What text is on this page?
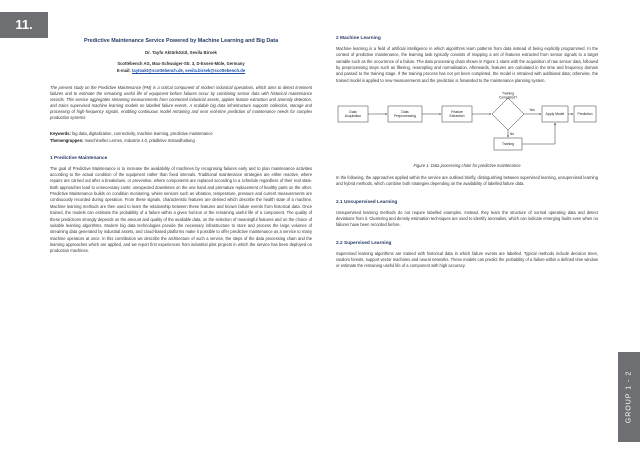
11.
Predictive Maintenance Service Powered by Machine Learning and Big Data
Dr. Tayfo Aktürközül, Sevila Birsek
Scottébench AG, Max-Schwaiger-Str. 3, D-Essen-Müle, Germany
E-mail: taytoakt@scottebench.de, sevila.birsek@scottebench.de

The present study on the Predictive Maintenance (PM) is a critical component of modern industrial operations, which aims to detect imminent failures and to estimate the remaining useful life of equipment before failures occur by combining sensor data with historical maintenance records. This service aggregates streaming measurements from connected industrial assets, applies feature extraction and anomaly detection, and trains supervised machine learning models on labelled failure events. A scalable big data infrastructure supports collection, storage and processing of high-frequency signals, enabling continuous model retraining and near real-time prediction of maintenance needs for complex production systems.

Keywords: big data, digitalization, connectivity, machine learning, predictive maintenance

Themengruppen: maschinelles Lernen, Industrie 4.0, prädiktive Instandhaltung

1 Predictive Maintenance

The goal of Predictive Maintenance is to increase the availability of machines by recognising failures early and to plan maintenance activities according to the actual condition of the equipment rather than fixed intervals. Traditional maintenance strategies are either reactive, where repairs are carried out after a breakdown, or preventive, where components are replaced according to a schedule regardless of their real state. Both approaches lead to unnecessary costs: unexpected downtimes on the one hand and premature replacement of healthy parts on the other. Predictive Maintenance builds on condition monitoring, where sensors such as vibration, temperature, pressure and current measurements are continuously recorded during operation. From these signals, characteristic features are derived which describe the health state of a machine. Machine learning methods are then used to learn the relationship between these features and known failure events from historical data. Once trained, the models can estimate the probability of a failure within a given horizon or the remaining useful life of a component. The quality of these predictions strongly depends on the amount and quality of the available data, on the selection of meaningful features and on the choice of suitable learning algorithms. Modern big data technologies provide the necessary infrastructure to store and process the large volumes of streaming data generated by industrial assets, and cloud-based platforms make it possible to offer predictive maintenance as a service to many machine operators at once. In this contribution we describe the architecture of such a service, the steps of the data processing chain and the learning approaches which are applied, and we report first experiences from industrial pilot projects in which the service has been deployed on production machines.

2 Machine Learning

Machine learning is a field of artificial intelligence in which algorithms learn patterns from data instead of being explicitly programmed. In the context of predictive maintenance, the learning task typically consists of mapping a set of features extracted from sensor signals to a target variable such as the occurrence of a failure. The data processing chain shown in Figure 1 starts with the acquisition of raw sensor data, followed by preprocessing steps such as filtering, resampling and normalisation. Afterwards, features are calculated in the time and frequency domain and passed to the training stage. If the training process has not yet been completed, the model is retrained with additional data; otherwise, the trained model is applied to new measurements and the prediction is forwarded to the maintenance planning system.

Data Acquisition
Data Preprocessing
Feature Extraction
Training Completed?
Apply Model	Prediction
Training
Yes
No
Figure 1: Data processing chain for predictive maintenance

In the following, the approaches applied within the service are outlined briefly, distinguishing between supervised learning, unsupervised learning and hybrid methods, which combine both strategies depending on the availability of labelled failure data.

2.1 Unsupervised Learning

Unsupervised learning methods do not require labelled examples. Instead, they learn the structure of normal operating data and detect deviations from it. Clustering and density estimation techniques are used to identify anomalies, which can indicate emerging faults even when no failures have been recorded before.

2.2 Supervised Learning

Supervised learning algorithms are trained with historical data in which failure events are labelled. Typical methods include decision trees, random forests, support vector machines and neural networks. These models can predict the probability of a failure within a defined time window or estimate the remaining useful life of a component with high accuracy.

GROUP 1 - 2
